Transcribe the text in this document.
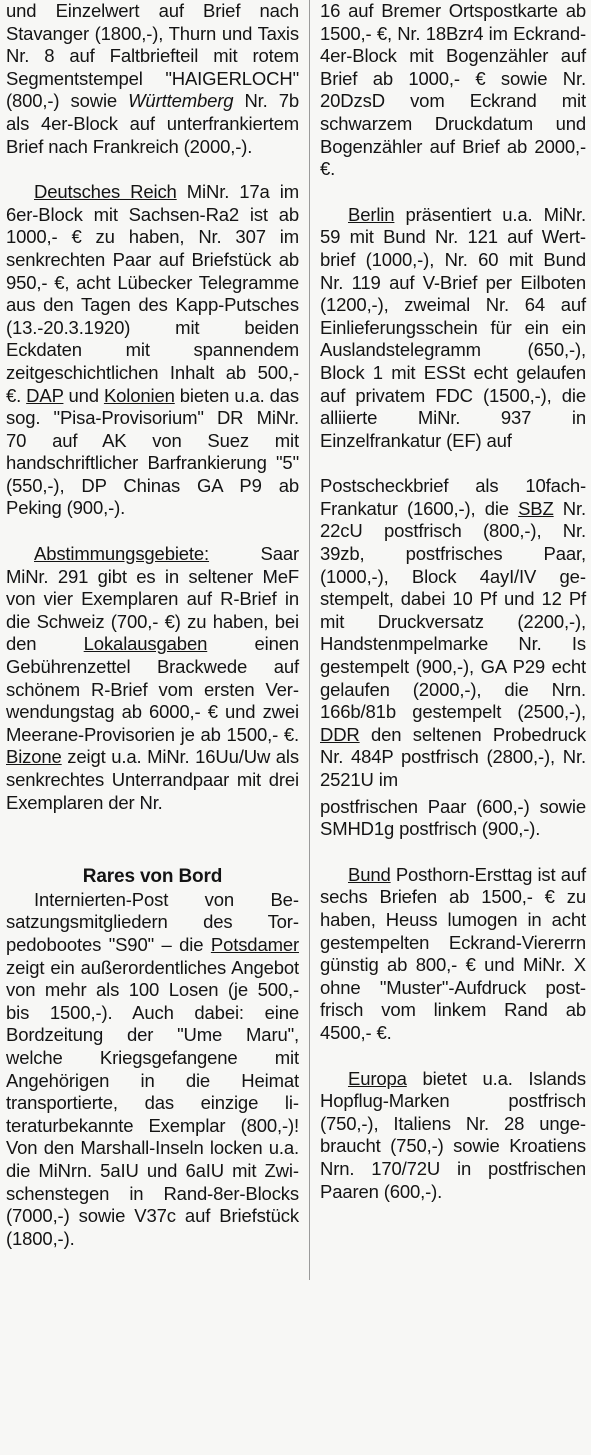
und Einzelwert auf Brief nach Stavanger (1800,-), Thurn und Taxis Nr. 8 auf Faltbriefteil mit rotem Segmentstempel "HAIGERLOCH" (800,-) sowie Württemberg Nr. 7b als 4er-Block auf unterfrankiertem Brief nach Frankreich (2000,-).

Deutsches Reich MiNr. 17a im 6er-Block mit Sachsen-Ra2 ist ab 1000,- € zu haben, Nr. 307 im senkrechten Paar auf Briefstück ab 950,- €, acht Lübecker Telegramme aus den Tagen des Kapp-Putsches (13.-20.3.1920) mit beiden Eckdaten mit spannendem zeitgeschichtlichen Inhalt ab 500,- €. DAP und Kolonien bieten u.a. das sog. "Pisa-Provisorium" DR MiNr. 70 auf AK von Suez mit handschriftlicher Barfrankierung "5" (550,-), DP Chinas GA P9 ab Peking (900,-).

Abstimmungsgebiete: Saar MiNr. 291 gibt es in seltener MeF von vier Exemplaren auf R-Brief in die Schweiz (700,- €) zu haben, bei den Lokalausgaben einen Gebührenzettel Brackwede auf schönem R-Brief vom ersten Verwendungstag ab 6000,- € und zwei Meerane-Provisorien je ab 1500,- €. Bizone zeigt u.a. MiNr. 16Uu/Uw als senkrechtes Unterrandpaar mit drei Exemplaren der Nr.

Rares von Bord

Internierten-Post von Besatzungsmitgliedern des Torpedobootes "S90" – die Potsdamer zeigt ein außerordentliches Angebot von mehr als 100 Losen (je 500,- bis 1500,-). Auch dabei: eine Bordzeitung der "Ume Maru", welche Kriegsgefangene mit Angehörigen in die Heimat transportierte, das einzige literaturbekannte Exemplar (800,-)! Von den Marshall-Inseln locken u.a. die MiNrn. 5aIU und 6aIU mit Zwischenstegen in Rand-8er-Blocks (7000,-) sowie V37c auf Briefstück (1800,-).

16 auf Bremer Ortspostkarte ab 1500,- €, Nr. 18Bzr4 im Eckrand-4er-Block mit Bogenzähler auf Brief ab 1000,- € sowie Nr. 20DzsD vom Eckrand mit schwarzem Druckdatum und Bogenzähler auf Brief ab 2000,- €.

Berlin präsentiert u.a. MiNr. 59 mit Bund Nr. 121 auf Wertbrief (1000,-), Nr. 60 mit Bund Nr. 119 auf V-Brief per Eilboten (1200,-), zweimal Nr. 64 auf Einlieferungsschein für ein ein Auslandstelegramm (650,-), Block 1 mit ESSt echt gelaufen auf privatem FDC (1500,-), die alliierte MiNr. 937 in Einzelfrankatur (EF) auf

Postscheckbrief als 10fach-Frankatur (1600,-), die SBZ Nr. 22cU postfrisch (800,-), Nr. 39zb, postfrisches Paar, (1000,-), Block 4ayI/IV gestempelt, dabei 10 Pf und 12 Pf mit Druckversatz (2200,-), Handstenmpelmarke Nr. Is gestempelt (900,-), GA P29 echt gelaufen (2000,-), die Nrn. 166b/81b gestempelt (2500,-), DDR den seltenen Probedruck Nr. 484P postfrisch (2800,-), Nr. 2521U im

postfrischen Paar (600,-) sowie SMHD1g postfrisch (900,-).

Bund Posthorn-Ersttag ist auf sechs Briefen ab 1500,- € zu haben, Heuss lumogen in acht gestempelten Eckrand-Viererrn günstig ab 800,- € und MiNr. X ohne "Muster"-Aufdruck postfrisch vom linkem Rand ab 4500,- €.

Europa bietet u.a. Islands Hopflug-Marken postfrisch (750,-), Italiens Nr. 28 ungebraucht (750,-) sowie Kroatiens Nrn. 170/72U in postfrischen Paaren (600,-).
